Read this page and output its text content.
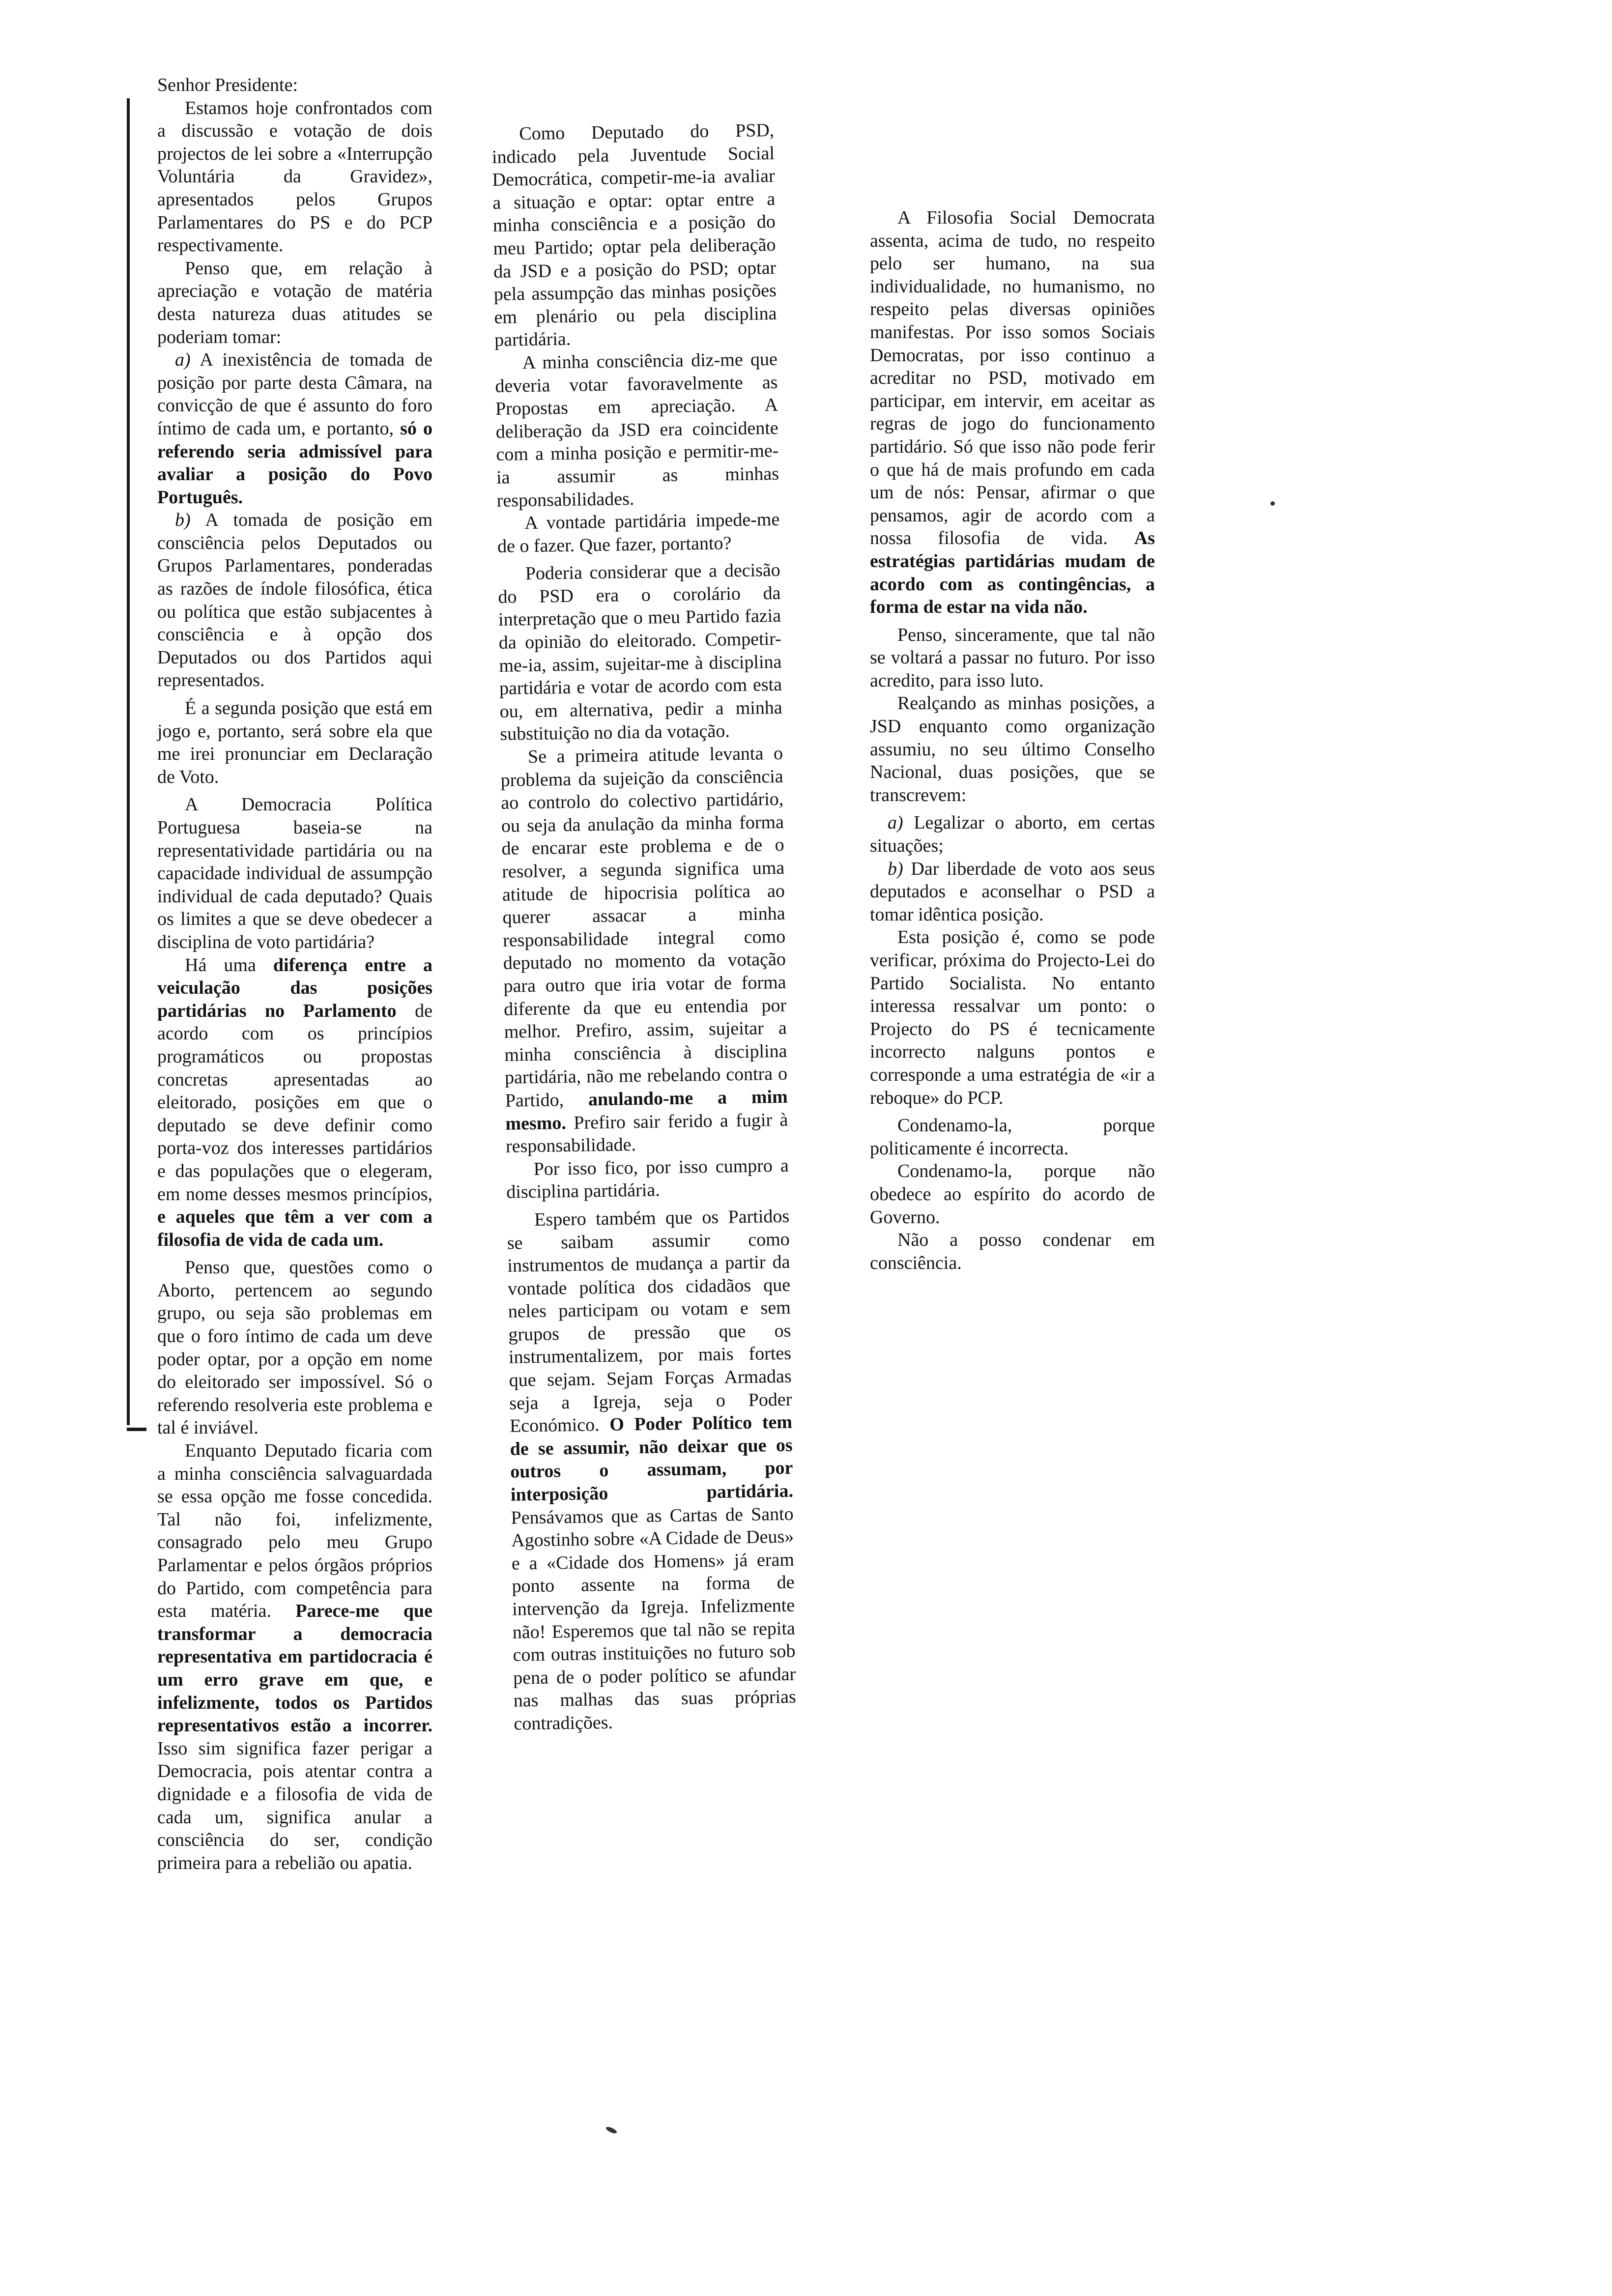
Senhor Presidente:

Estamos hoje confrontados com a discussão e votação de dois projectos de lei sobre a «Interrupção Voluntária da Gravidez», apresentados pelos Grupos Parlamentares do PS e do PCP respectivamente.

Penso que, em relação à apreciação e votação de matéria desta natureza duas atitudes se poderiam tomar:

a) A inexistência de tomada de posição por parte desta Câmara, na convicção de que é assunto do foro íntimo de cada um, e portanto, só o referendo seria admissível para avaliar a posição do Povo Português.

b) A tomada de posição em consciência pelos Deputados ou Grupos Parlamentares, ponderadas as razões de índole filosófica, ética ou política que estão subjacentes à consciência e à opção dos Deputados ou dos Partidos aqui representados.

É a segunda posição que está em jogo e, portanto, será sobre ela que me irei pronunciar em Declaração de Voto.

A Democracia Política Portuguesa baseia-se na representatividade partidária ou na capacidade individual de assumpção individual de cada deputado? Quais os limites a que se deve obedecer a disciplina de voto partidária?

Há uma diferença entre a veiculação das posições partidárias no Parlamento de acordo com os princípios programáticos ou propostas concretas apresentadas ao eleitorado, posições em que o deputado se deve definir como porta-voz dos interesses partidários e das populações que o elegeram, em nome desses mesmos princípios, e aqueles que têm a ver com a filosofia de vida de cada um.

Penso que, questões como o Aborto, pertencem ao segundo grupo, ou seja são problemas em que o foro íntimo de cada um deve poder optar, por a opção em nome do eleitorado ser impossível. Só o referendo resolveria este problema e tal é inviável.

Enquanto Deputado ficaria com a minha consciência salvaguardada se essa opção me fosse concedida. Tal não foi, infelizmente, consagrado pelo meu Grupo Parlamentar e pelos órgãos próprios do Partido, com competência para esta matéria. Parece-me que transformar a democracia representativa em partidocracia é um erro grave em que, e infelizmente, todos os Partidos representativos estão a incorrer. Isso sim significa fazer perigar a Democracia, pois atentar contra a dignidade e a filosofia de vida de cada um, significa anular a consciência do ser, condição primeira para a rebelião ou apatia.

Como Deputado do PSD, indicado pela Juventude Social Democrática, competir-me-ia avaliar a situação e optar: optar entre a minha consciência e a posição do meu Partido; optar pela deliberação da JSD e a posição do PSD; optar pela assumpção das minhas posições em plenário ou pela disciplina partidária.

A minha consciência diz-me que deveria votar favoravelmente as Propostas em apreciação. A deliberação da JSD era coincidente com a minha posição e permitir-me-ia assumir as minhas responsabilidades.

A vontade partidária impede-me de o fazer. Que fazer, portanto?

Poderia considerar que a decisão do PSD era o corolário da interpretação que o meu Partido fazia da opinião do eleitorado. Competir-me-ia, assim, sujeitar-me à disciplina partidária e votar de acordo com esta ou, em alternativa, pedir a minha substituição no dia da votação.

Se a primeira atitude levanta o problema da sujeição da consciência ao controlo do colectivo partidário, ou seja da anulação da minha forma de encarar este problema e de o resolver, a segunda significa uma atitude de hipocrisia política ao querer assacar a minha responsabilidade integral como deputado no momento da votação para outro que iria votar de forma diferente da que eu entendia por melhor. Prefiro, assim, sujeitar a minha consciência à disciplina partidária, não me rebelando contra o Partido, anulando-me a mim mesmo. Prefiro sair ferido a fugir à responsabilidade.

Por isso fico, por isso cumpro a disciplina partidária.

Espero também que os Partidos se saibam assumir como instrumentos de mudança a partir da vontade política dos cidadãos que neles participam ou votam e sem grupos de pressão que os instrumentalizem, por mais fortes que sejam. Sejam Forças Armadas seja a Igreja, seja o Poder Económico. O Poder Político tem de se assumir, não deixar que os outros o assumam, por interposição partidária. Pensávamos que as Cartas de Santo Agostinho sobre «A Cidade de Deus» e a «Cidade dos Homens» já eram ponto assente na forma de intervenção da Igreja. Infelizmente não! Esperemos que tal não se repita com outras instituições no futuro sob pena de o poder político se afundar nas malhas das suas próprias contradições.

A Filosofia Social Democrata assenta, acima de tudo, no respeito pelo ser humano, na sua individualidade, no humanismo, no respeito pelas diversas opiniões manifestas. Por isso somos Sociais Democratas, por isso continuo a acreditar no PSD, motivado em participar, em intervir, em aceitar as regras de jogo do funcionamento partidário. Só que isso não pode ferir o que há de mais profundo em cada um de nós: Pensar, afirmar o que pensamos, agir de acordo com a nossa filosofia de vida. As estratégias partidárias mudam de acordo com as contingências, a forma de estar na vida não.

Penso, sinceramente, que tal não se voltará a passar no futuro. Por isso acredito, para isso luto.

Realçando as minhas posições, a JSD enquanto como organização assumiu, no seu último Conselho Nacional, duas posições, que se transcrevem:

a) Legalizar o aborto, em certas situações;

b) Dar liberdade de voto aos seus deputados e aconselhar o PSD a tomar idêntica posição.

Esta posição é, como se pode verificar, próxima do Projecto-Lei do Partido Socialista. No entanto interessa ressalvar um ponto: o Projecto do PS é tecnicamente incorrecto nalguns pontos e corresponde a uma estratégia de «ir a reboque» do PCP.

Condenamo-la, porque politicamente é incorrecta.

Condenamo-la, porque não obedece ao espírito do acordo de Governo.

Não a posso condenar em consciência.
